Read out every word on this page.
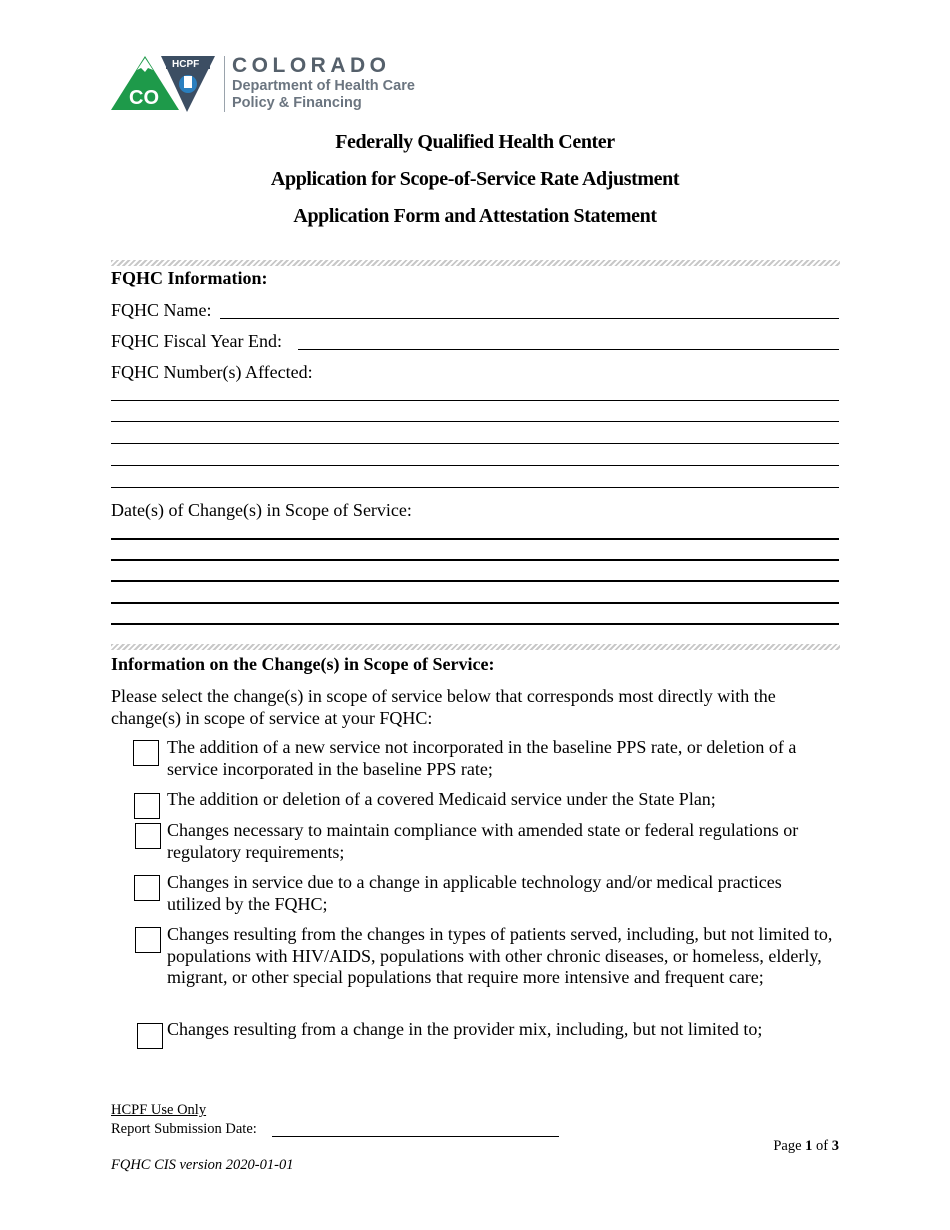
CO
HCPF COLORADO
Department of Health Care
Policy & Financing
Federally Qualified Health Center
Application for Scope-of-Service Rate Adjustment
Application Form and Attestation Statement
FQHC Information:
FQHC Name:
FQHC Fiscal Year End:
FQHC Number(s) Affected:
Date(s) of Change(s) in Scope of Service:
Information on the Change(s) in Scope of Service:
Please select the change(s) in scope of service below that corresponds most directly with the change(s) in scope of service at your FQHC:
The addition of a new service not incorporated in the baseline PPS rate, or deletion of a service incorporated in the baseline PPS rate;
The addition or deletion of a covered Medicaid service under the State Plan;
Changes necessary to maintain compliance with amended state or federal regulations or regulatory requirements;
Changes in service due to a change in applicable technology and/or medical practices utilized by the FQHC;
Changes resulting from the changes in types of patients served, including, but not limited to, populations with HIV/AIDS, populations with other chronic diseases, or homeless, elderly, migrant, or other special populations that require more intensive and frequent care;
Changes resulting from a change in the provider mix, including, but not limited to;
HCPF Use Only
Report Submission Date:
Page 1 of 3
FQHC CIS version 2020-01-01
